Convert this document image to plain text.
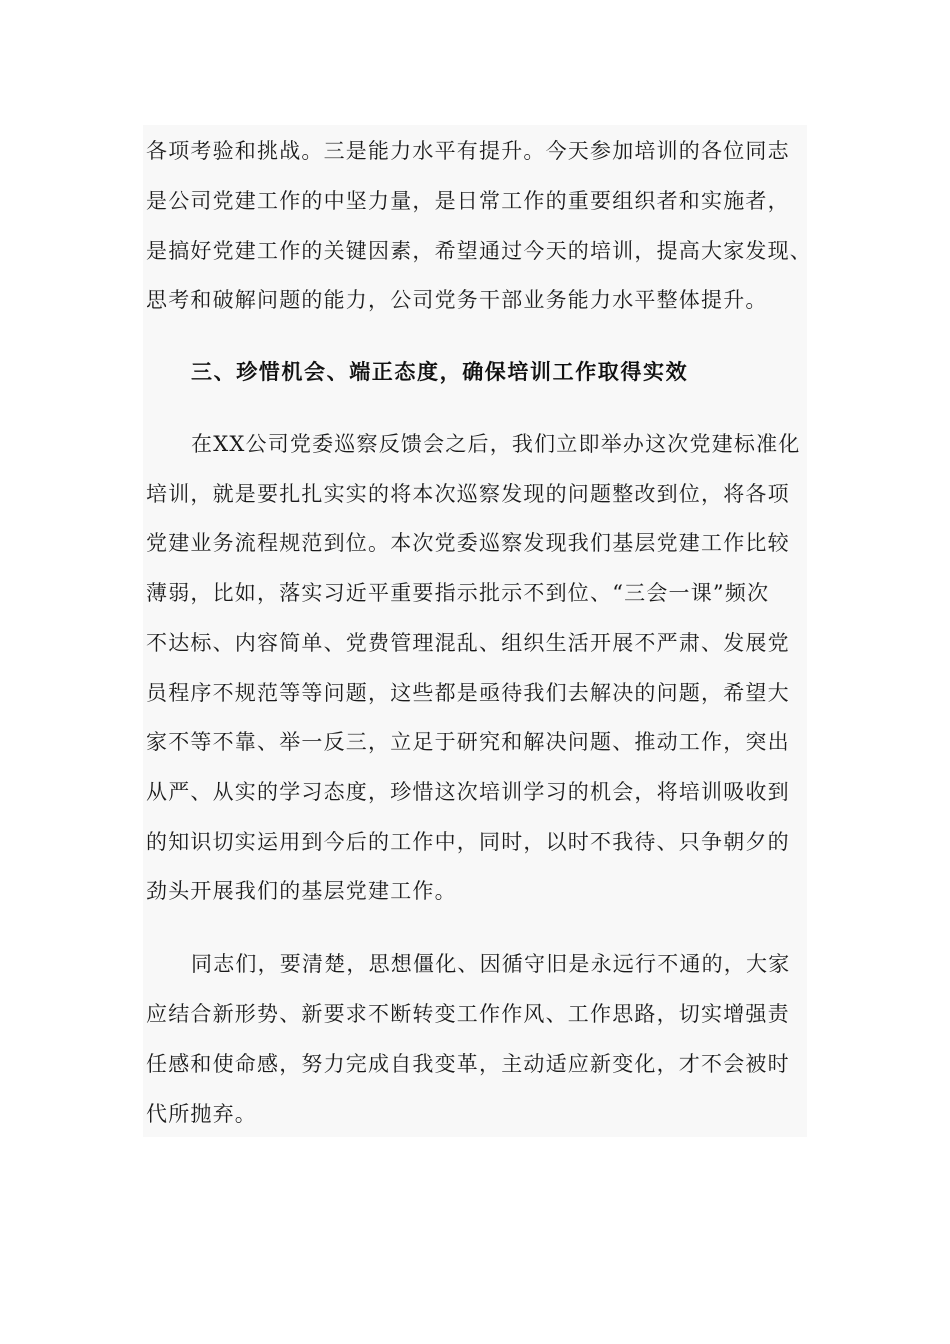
各项考验和挑战。三是能力水平有提升。今天参加培训的各位同志
是公司党建工作的中坚力量，是日常工作的重要组织者和实施者，
是搞好党建工作的关键因素，希望通过今天的培训，提高大家发现、
思考和破解问题的能力，公司党务干部业务能力水平整体提升。
三、珍惜机会、端正态度，确保培训工作取得实效
在XX公司党委巡察反馈会之后，我们立即举办这次党建标准化
培训，就是要扎扎实实的将本次巡察发现的问题整改到位，将各项
党建业务流程规范到位。本次党委巡察发现我们基层党建工作比较
薄弱，比如，落实习近平重要指示批示不到位、“三会一课”频次
不达标、内容简单、党费管理混乱、组织生活开展不严肃、发展党
员程序不规范等等问题，这些都是亟待我们去解决的问题，希望大
家不等不靠、举一反三，立足于研究和解决问题、推动工作，突出
从严、从实的学习态度，珍惜这次培训学习的机会，将培训吸收到
的知识切实运用到今后的工作中，同时，以时不我待、只争朝夕的
劲头开展我们的基层党建工作。
同志们，要清楚，思想僵化、因循守旧是永远行不通的，大家
应结合新形势、新要求不断转变工作作风、工作思路，切实增强责
任感和使命感，努力完成自我变革，主动适应新变化，才不会被时
代所抛弃。
